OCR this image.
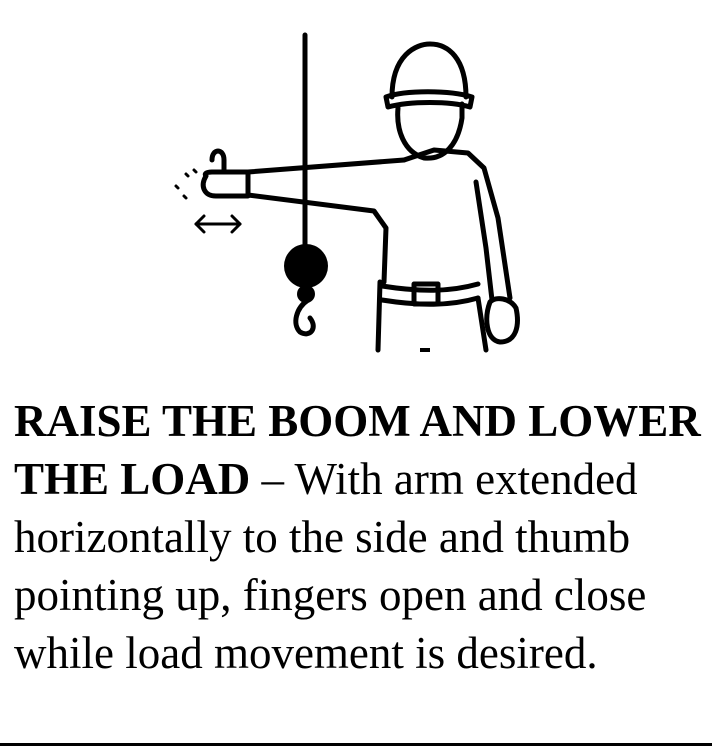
RAISE THE BOOM AND LOWER THE LOAD – With arm extended horizontally to the side and thumb pointing up, fingers open and close while load movement is desired.
